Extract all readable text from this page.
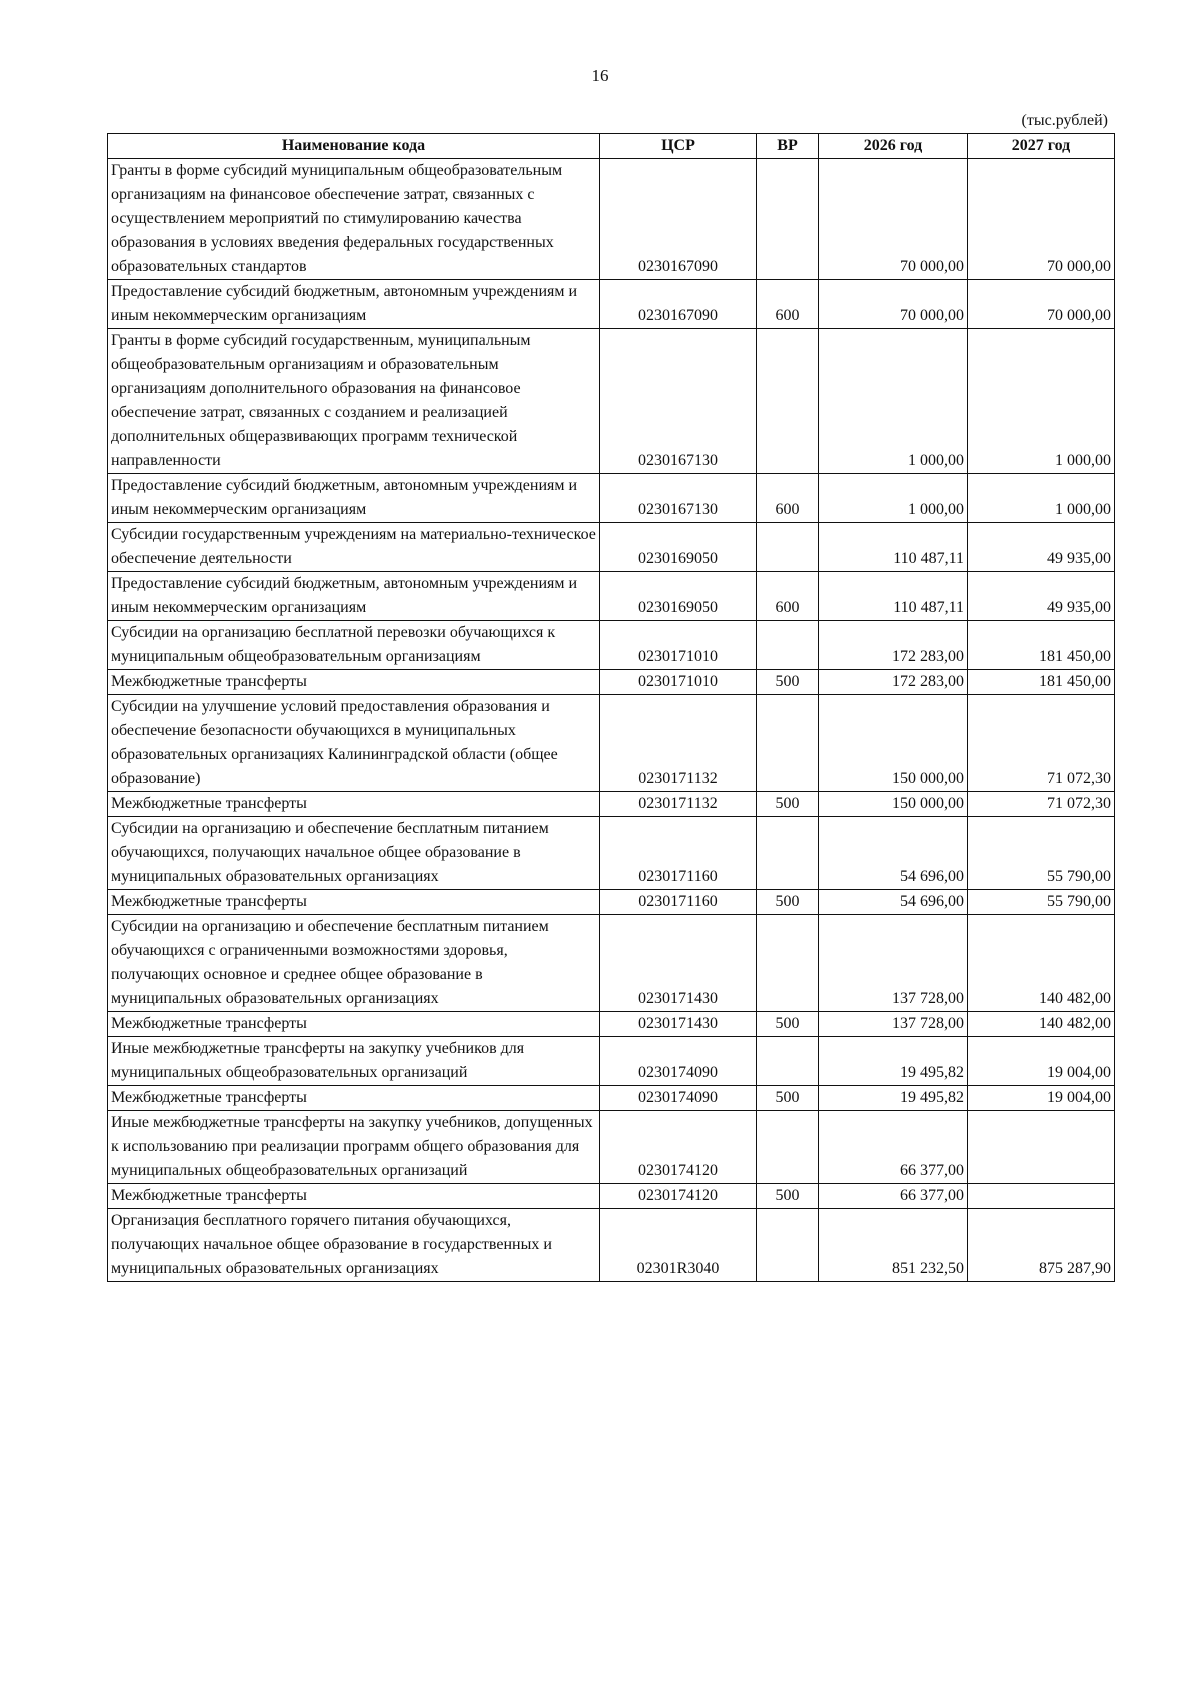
16
(тыс.рублей)
Наименование кода	ЦСР	ВР	2026 год	2027 год
Гранты в форме субсидий муниципальным общеобразовательным организациям на финансовое обеспечение затрат, связанных с осуществлением мероприятий по стимулированию качества образования в условиях введения федеральных государственных образовательных стандартов	0230167090		70 000,00	70 000,00
Предоставление субсидий бюджетным, автономным учреждениям и иным некоммерческим организациям	0230167090	600	70 000,00	70 000,00
Гранты в форме субсидий государственным, муниципальным общеобразовательным организациям и образовательным организациям дополнительного образования на финансовое обеспечение затрат, связанных с созданием и реализацией дополнительных общеразвивающих программ технической направленности	0230167130		1 000,00	1 000,00
Предоставление субсидий бюджетным, автономным учреждениям и иным некоммерческим организациям	0230167130	600	1 000,00	1 000,00
Субсидии государственным учреждениям на материально-техническое обеспечение деятельности	0230169050		110 487,11	49 935,00
Предоставление субсидий бюджетным, автономным учреждениям и иным некоммерческим организациям	0230169050	600	110 487,11	49 935,00
Субсидии на организацию бесплатной перевозки обучающихся к муниципальным общеобразовательным организациям	0230171010		172 283,00	181 450,00
Межбюджетные трансферты	0230171010	500	172 283,00	181 450,00
Субсидии на улучшение условий предоставления образования и обеспечение безопасности обучающихся в муниципальных образовательных организациях Калининградской области (общее образование)	0230171132		150 000,00	71 072,30
Межбюджетные трансферты	0230171132	500	150 000,00	71 072,30
Субсидии на организацию и обеспечение бесплатным питанием обучающихся, получающих начальное общее образование в муниципальных образовательных организациях	0230171160		54 696,00	55 790,00
Межбюджетные трансферты	0230171160	500	54 696,00	55 790,00
Субсидии на организацию и обеспечение бесплатным питанием обучающихся с ограниченными возможностями здоровья, получающих основное и среднее общее образование в муниципальных образовательных организациях	0230171430		137 728,00	140 482,00
Межбюджетные трансферты	0230171430	500	137 728,00	140 482,00
Иные межбюджетные трансферты на закупку учебников для муниципальных общеобразовательных организаций	0230174090		19 495,82	19 004,00
Межбюджетные трансферты	0230174090	500	19 495,82	19 004,00
Иные межбюджетные трансферты на закупку учебников, допущенных к использованию при реализации программ общего образования для муниципальных общеобразовательных организаций	0230174120		66 377,00	
Межбюджетные трансферты	0230174120	500	66 377,00	
Организация бесплатного горячего питания обучающихся, получающих начальное общее образование в государственных и муниципальных образовательных организациях	02301R3040		851 232,50	875 287,90
